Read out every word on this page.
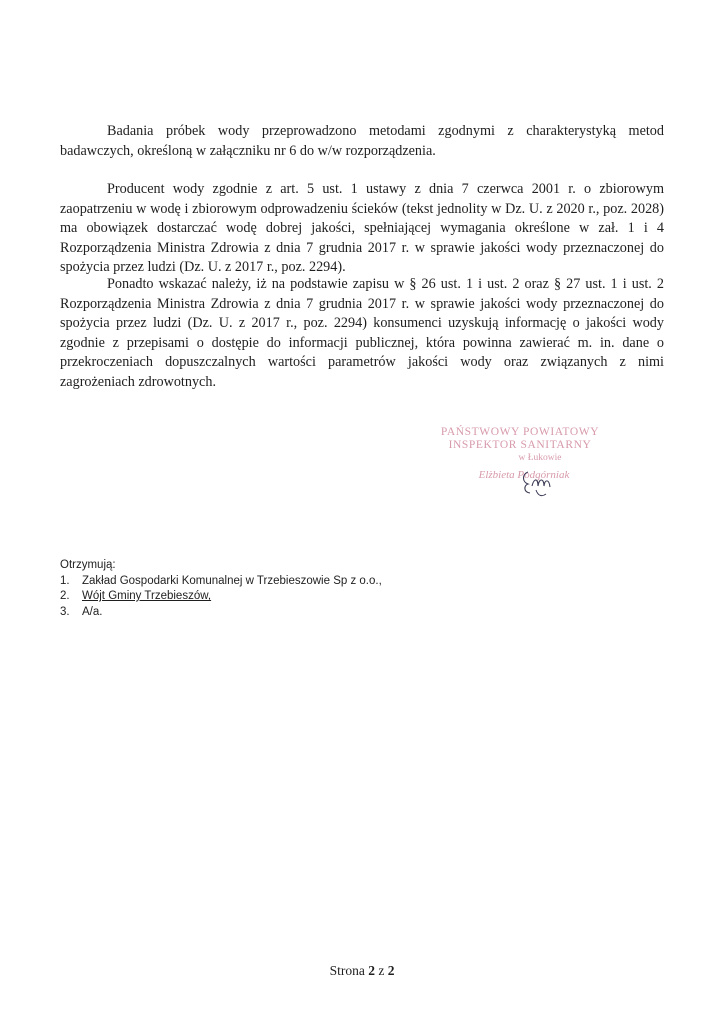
Badania próbek wody przeprowadzono metodami zgodnymi z charakterystyką metod badawczych, określoną w załączniku nr 6 do w/w rozporządzenia.

Producent wody zgodnie z art. 5 ust. 1 ustawy z dnia 7 czerwca 2001 r. o zbiorowym zaopatrzeniu w wodę i zbiorowym odprowadzeniu ścieków (tekst jednolity w Dz. U. z 2020 r., poz. 2028) ma obowiązek dostarczać wodę dobrej jakości, spełniającej wymagania określone w zał. 1 i 4 Rozporządzenia Ministra Zdrowia z dnia 7 grudnia 2017 r. w sprawie jakości wody przeznaczonej do spożycia przez ludzi (Dz. U. z 2017 r., poz. 2294).

Ponadto wskazać należy, iż na podstawie zapisu w § 26 ust. 1 i ust. 2 oraz § 27 ust. 1 i ust. 2 Rozporządzenia Ministra Zdrowia z dnia 7 grudnia 2017 r. w sprawie jakości wody przeznaczonej do spożycia przez ludzi (Dz. U. z 2017 r., poz. 2294) konsumenci uzyskują informację o jakości wody zgodnie z przepisami o dostępie do informacji publicznej, która powinna zawierać m. in. dane o przekroczeniach dopuszczalnych wartości parametrów jakości wody oraz związanych z nimi zagrożeniach zdrowotnych.

PAŃSTWOWY POWIATOWY
INSPEKTOR SANITARNY
w Łukowie
Elżbieta Podgórniak
Otrzymują:
1. Zakład Gospodarki Komunalnej w Trzebieszowie Sp z o.o.,
2. Wójt Gminy Trzebieszów,
3. A/a.
Strona 2 z 2
